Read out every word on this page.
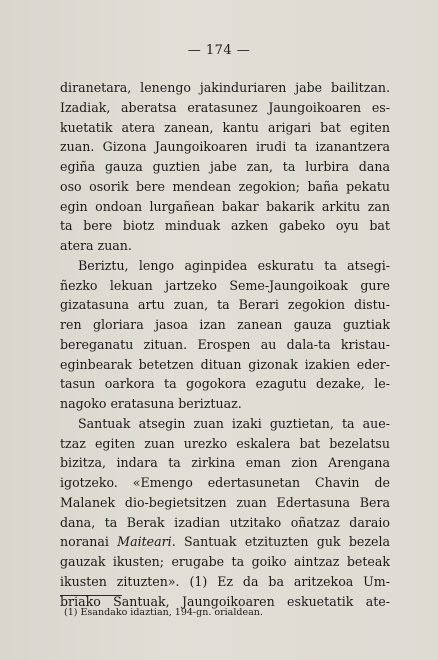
— 174 —
diranetara, lenengo jakinduriaren jabe bailitzan.
Izadiak, aberatsa eratasunez Jaungoikoaren es-
kuetatik atera zanean, kantu arigari bat egiten
zuan. Gizona Jaungoikoaren irudi ta izanantzera
egiña gauza guztien jabe zan, ta lurbira dana
oso osorik bere mendean zegokion; baña pekatu
egin ondoan lurgañean bakar bakarik arkitu zan
ta bere biotz minduak azken gabeko oyu bat
atera zuan.
Beriztu, lengo aginpidea eskuratu ta atsegi-
ñezko lekuan jartzeko Seme-Jaungoikoak gure
gizatasuna artu zuan, ta Berari zegokion distu-
ren gloriara jasoa izan zanean gauza guztiak
bereganatu zituan. Erospen au dala-ta kristau-
eginbearak betetzen dituan gizonak izakien eder-
tasun oarkora ta gogokora ezagutu dezake, le-
nagoko eratasuna beriztuaz.
Santuak atsegin zuan izaki guztietan, ta aue-
tzaz egiten zuan urezko eskalera bat bezelatsu
bizitza, indara ta zirkina eman zion Arengana
igotzeko. «Emengo edertasunetan Chavin de
Malanek dio-begietsitzen zuan Edertasuna Bera
dana, ta Berak izadian utzitako oñatzaz daraio
noranai Maiteari. Santuak etzituzten guk bezela
gauzak ikusten; erugabe ta goiko aintzaz beteak
ikusten zituzten». (1) Ez da ba aritzekoa Um-
briako Santuak, Jaungoikoaren eskuetatik ate-
(1) Esandako idaztian, 194-gn. orialdean.
